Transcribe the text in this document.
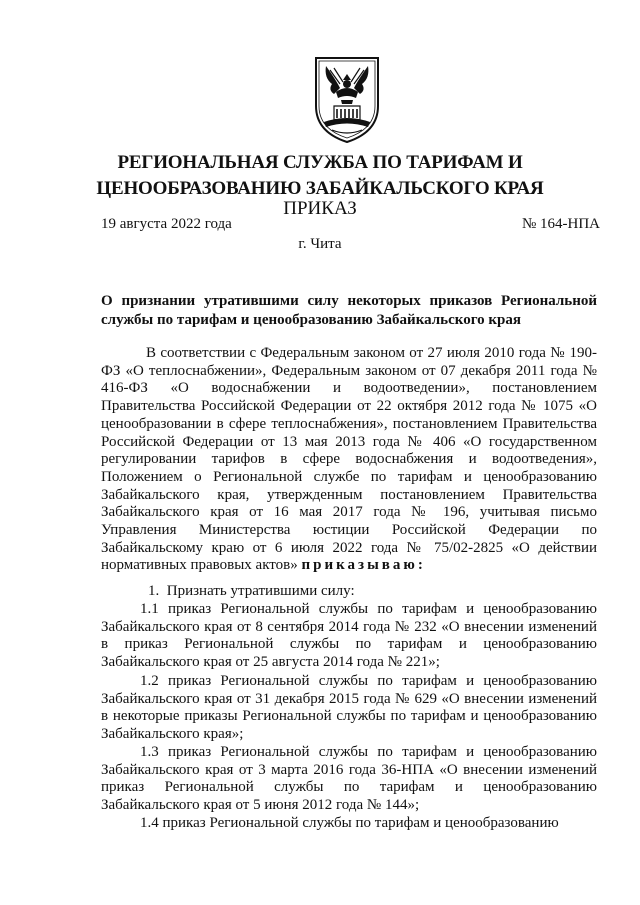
РЕГИОНАЛЬНАЯ СЛУЖБА ПО ТАРИФАМ И
ЦЕНООБРАЗОВАНИЮ ЗАБАЙКАЛЬСКОГО КРАЯ
ПРИКАЗ
19 августа 2022 года	№ 164-НПА
г. Чита
О признании утратившими силу некоторых приказов Региональной службы по тарифам и ценообразованию Забайкальского края

В соответствии с Федеральным законом от 27 июля 2010 года № 190-ФЗ «О теплоснабжении», Федеральным законом от 07 декабря 2011 года № 416-ФЗ «О водоснабжении и водоотведении», постановлением Правительства Российской Федерации от 22 октября 2012 года № 1075 «О ценообразовании в сфере теплоснабжения», постановлением Правительства Российской Федерации от 13 мая 2013 года № 406 «О государственном регулировании тарифов в сфере водоснабжения и водоотведения», Положением о Региональной службе по тарифам и ценообразованию Забайкальского края, утвержденным постановлением Правительства Забайкальского края от 16 мая 2017 года № 196, учитывая письмо Управления Министерства юстиции Российской Федерации по Забайкальскому краю от 6 июля 2022 года № 75/02-2825 «О действии нормативных правовых актов» приказываю:

1.  Признать утратившими силу:

1.1 приказ Региональной службы по тарифам и ценообразованию Забайкальского края от 8 сентября 2014 года № 232 «О внесении изменений в приказ Региональной службы по тарифам и ценообразованию Забайкальского края от 25 августа 2014 года № 221»;

1.2 приказ Региональной службы по тарифам и ценообразованию Забайкальского края от 31 декабря 2015 года № 629 «О внесении изменений в некоторые приказы Региональной службы по тарифам и ценообразованию Забайкальского края»;

1.3 приказ Региональной службы по тарифам и ценообразованию Забайкальского края от 3 марта 2016 года 36-НПА «О внесении изменений приказ Региональной службы по тарифам и ценообразованию Забайкальского края от 5 июня 2012 года № 144»;

1.4 приказ Региональной службы по тарифам и ценообразованию
